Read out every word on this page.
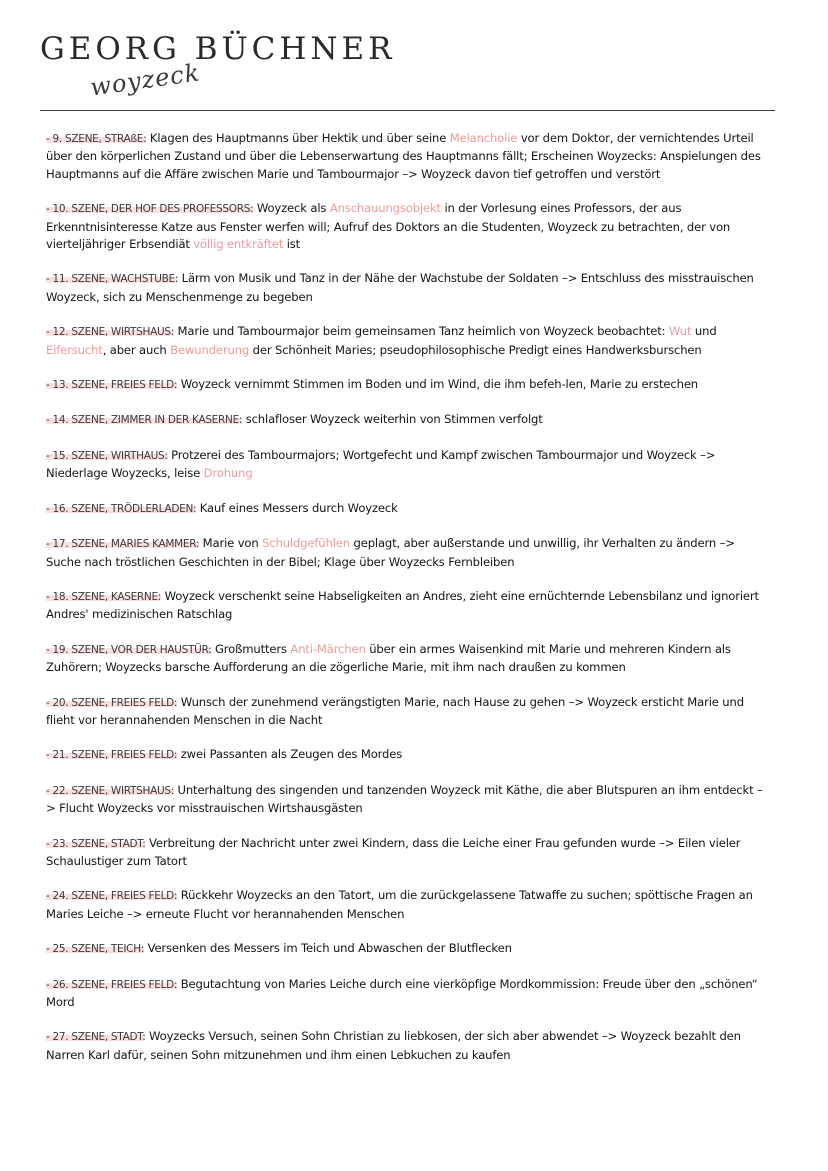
GEORG BÜCHNER
woyzeck
- 9. SZENE, STRAßE: Klagen des Hauptmanns über Hektik und über seine Melancholie vor dem Doktor, der vernichtendes Urteil über den körperlichen Zustand und über die Lebenserwartung des Hauptmanns fällt; Erscheinen Woyzecks: Anspielungen des Hauptmanns auf die Affäre zwischen Marie und Tambourmajor –> Woyzeck davon tief getroffen und verstört
- 10. SZENE, DER HOF DES PROFESSORS: Woyzeck als Anschauungsobjekt in der Vorlesung eines Professors, der aus Erkenntnisinteresse Katze aus Fenster werfen will; Aufruf des Doktors an die Studenten, Woyzeck zu betrachten, der von vierteljähriger Erbsendiät völlig entkräftet ist
- 11. SZENE, WACHSTUBE: Lärm von Musik und Tanz in der Nähe der Wachstube der Soldaten –> Entschluss des misstrauischen Woyzeck, sich zu Menschenmenge zu begeben
- 12. SZENE, WIRTSHAUS: Marie und Tambourmajor beim gemeinsamen Tanz heimlich von Woyzeck beobachtet: Wut und Eifersucht, aber auch Bewunderung der Schönheit Maries; pseudophilosophische Predigt eines Handwerksburschen
- 13. SZENE, FREIES FELD: Woyzeck vernimmt Stimmen im Boden und im Wind, die ihm befeh-len, Marie zu erstechen
- 14. SZENE, ZIMMER IN DER KASERNE: schlafloser Woyzeck weiterhin von Stimmen verfolgt
- 15. SZENE, WIRTHAUS: Protzerei des Tambourmajors; Wortgefecht und Kampf zwischen Tambourmajor und Woyzeck –> Niederlage Woyzecks, leise Drohung
- 16. SZENE, TRÖDLERLADEN: Kauf eines Messers durch Woyzeck
- 17. SZENE, MARIES KAMMER: Marie von Schuldgefühlen geplagt, aber außerstande und unwillig, ihr Verhalten zu ändern –> Suche nach tröstlichen Geschichten in der Bibel; Klage über Woyzecks Fernbleiben
- 18. SZENE, KASERNE: Woyzeck verschenkt seine Habseligkeiten an Andres, zieht eine ernüchternde Lebensbilanz und ignoriert Andres' medizinischen Ratschlag
- 19. SZENE, VOR DER HAUSTÜR: Großmutters Anti-Märchen über ein armes Waisenkind mit Marie und mehreren Kindern als Zuhörern; Woyzecks barsche Aufforderung an die zögerliche Marie, mit ihm nach draußen zu kommen
- 20. SZENE, FREIES FELD: Wunsch der zunehmend verängstigten Marie, nach Hause zu gehen –> Woyzeck ersticht Marie und flieht vor herannahenden Menschen in die Nacht
- 21. SZENE, FREIES FELD: zwei Passanten als Zeugen des Mordes
- 22. SZENE, WIRTSHAUS: Unterhaltung des singenden und tanzenden Woyzeck mit Käthe, die aber Blutspuren an ihm entdeckt –> Flucht Woyzecks vor misstrauischen Wirtshausgästen
- 23. SZENE, STADT: Verbreitung der Nachricht unter zwei Kindern, dass die Leiche einer Frau gefunden wurde –> Eilen vieler Schaulustiger zum Tatort
- 24. SZENE, FREIES FELD: Rückkehr Woyzecks an den Tatort, um die zurückgelassene Tatwaffe zu suchen; spöttische Fragen an Maries Leiche –> erneute Flucht vor herannahenden Menschen
- 25. SZENE, TEICH: Versenken des Messers im Teich und Abwaschen der Blutflecken
- 26. SZENE, FREIES FELD: Begutachtung von Maries Leiche durch eine vierköpfige Mordkommission: Freude über den „schönen“ Mord
- 27. SZENE, STADT: Woyzecks Versuch, seinen Sohn Christian zu liebkosen, der sich aber abwendet –> Woyzeck bezahlt den Narren Karl dafür, seinen Sohn mitzunehmen und ihm einen Lebkuchen zu kaufen
